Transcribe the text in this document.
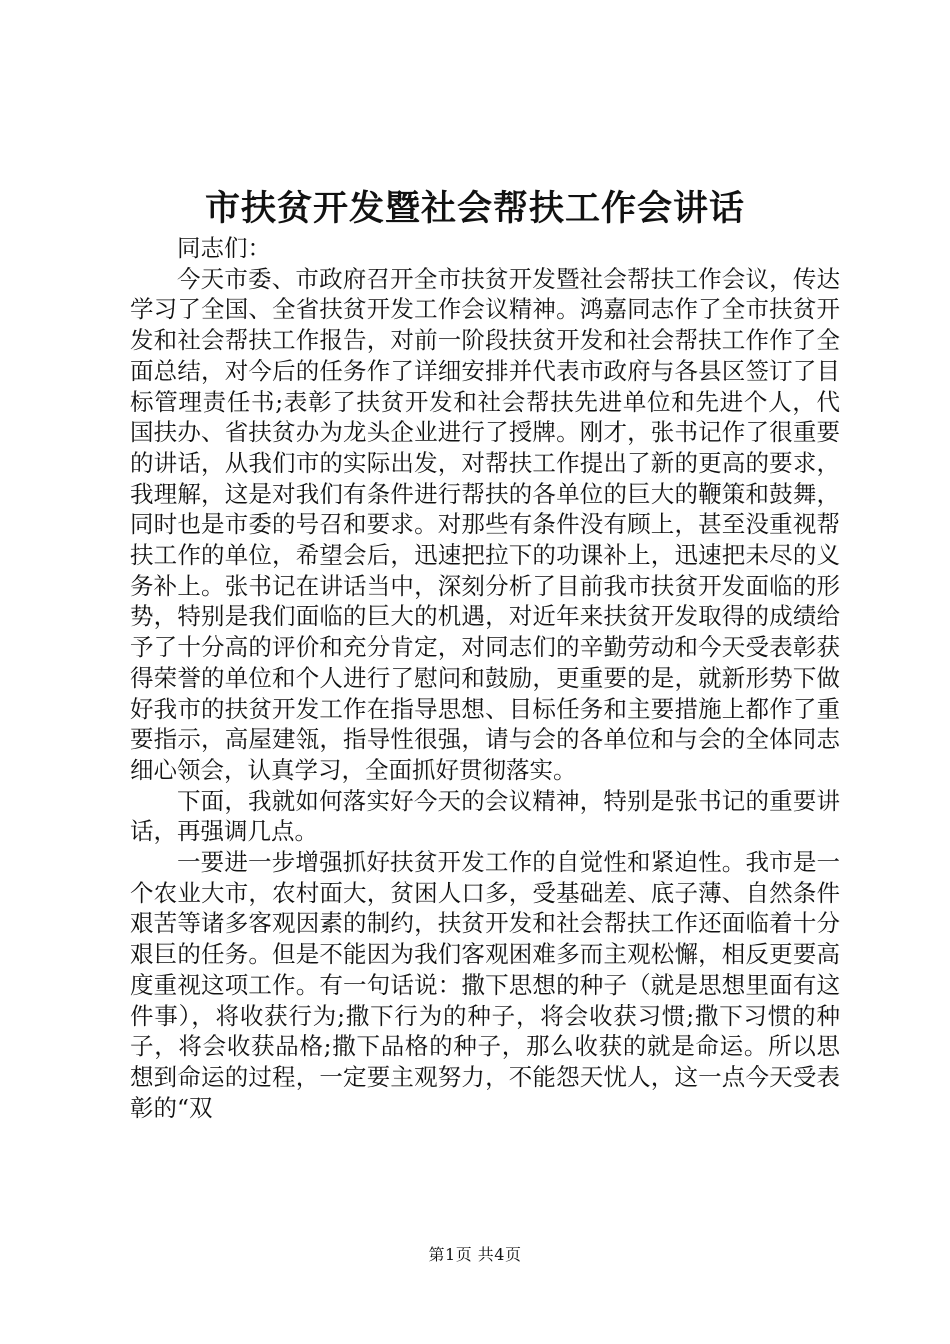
市扶贫开发暨社会帮扶工作会讲话

同志们：

今天市委、市政府召开全市扶贫开发暨社会帮扶工作会议，传达学习了全国、全省扶贫开发工作会议精神。鸿嘉同志作了全市扶贫开发和社会帮扶工作报告，对前一阶段扶贫开发和社会帮扶工作作了全面总结，对今后的任务作了详细安排并代表市政府与各县区签订了目标管理责任书;表彰了扶贫开发和社会帮扶先进单位和先进个人，代国扶办、省扶贫办为龙头企业进行了授牌。刚才，张书记作了很重要的讲话，从我们市的实际出发，对帮扶工作提出了新的更高的要求，我理解，这是对我们有条件进行帮扶的各单位的巨大的鞭策和鼓舞，同时也是市委的号召和要求。对那些有条件没有顾上，甚至没重视帮扶工作的单位，希望会后，迅速把拉下的功课补上，迅速把未尽的义务补上。张书记在讲话当中，深刻分析了目前我市扶贫开发面临的形势，特别是我们面临的巨大的机遇，对近年来扶贫开发取得的成绩给予了十分高的评价和充分肯定，对同志们的辛勤劳动和今天受表彰获得荣誉的单位和个人进行了慰问和鼓励，更重要的是，就新形势下做好我市的扶贫开发工作在指导思想、目标任务和主要措施上都作了重要指示，高屋建瓴，指导性很强，请与会的各单位和与会的全体同志细心领会，认真学习，全面抓好贯彻落实。

下面，我就如何落实好今天的会议精神，特别是张书记的重要讲话，再强调几点。

一要进一步增强抓好扶贫开发工作的自觉性和紧迫性。我市是一个农业大市，农村面大，贫困人口多，受基础差、底子薄、自然条件艰苦等诸多客观因素的制约，扶贫开发和社会帮扶工作还面临着十分艰巨的任务。但是不能因为我们客观困难多而主观松懈，相反更要高度重视这项工作。有一句话说：撒下思想的种子（就是思想里面有这件事），将收获行为;撒下行为的种子，将会收获习惯;撒下习惯的种子，将会收获品格;撒下品格的种子，那么收获的就是命运。所以思想到命运的过程，一定要主观努力，不能怨天忧人，这一点今天受表彰的“双

第1页 共4页
